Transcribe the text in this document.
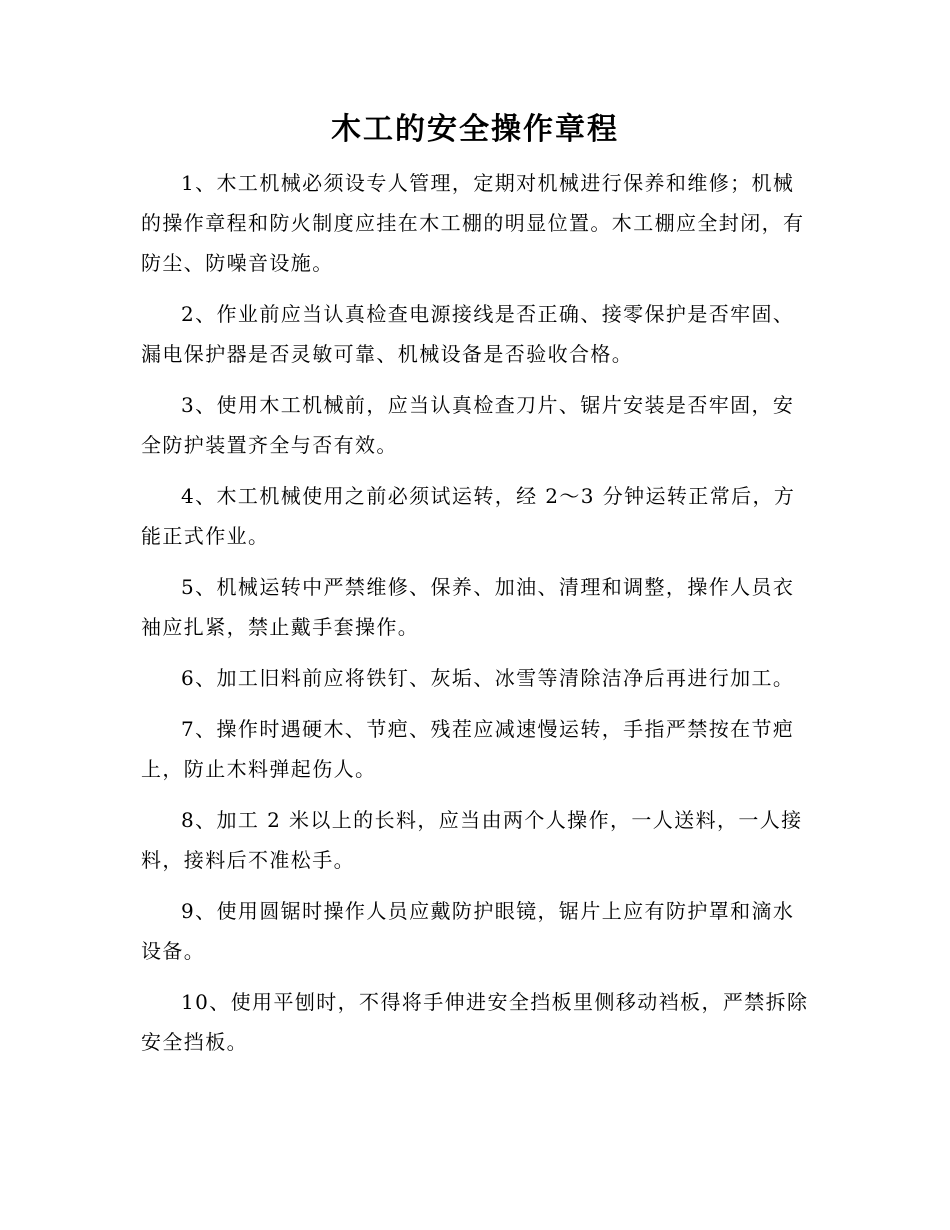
木工的安全操作章程

1、木工机械必须设专人管理，定期对机械进行保养和维修；机械的操作章程和防火制度应挂在木工棚的明显位置。木工棚应全封闭，有防尘、防噪音设施。

2、作业前应当认真检查电源接线是否正确、接零保护是否牢固、漏电保护器是否灵敏可靠、机械设备是否验收合格。

3、使用木工机械前，应当认真检查刀片、锯片安装是否牢固，安全防护装置齐全与否有效。

4、木工机械使用之前必须试运转，经 2～3 分钟运转正常后，方能正式作业。

5、机械运转中严禁维修、保养、加油、清理和调整，操作人员衣袖应扎紧，禁止戴手套操作。

6、加工旧料前应将铁钉、灰垢、冰雪等清除洁净后再进行加工。

7、操作时遇硬木、节疤、残茬应减速慢运转，手指严禁按在节疤上，防止木料弹起伤人。

8、加工 2 米以上的长料，应当由两个人操作，一人送料，一人接料，接料后不准松手。

9、使用圆锯时操作人员应戴防护眼镜，锯片上应有防护罩和滴水设备。

10、使用平刨时，不得将手伸进安全挡板里侧移动裆板，严禁拆除安全挡板。
